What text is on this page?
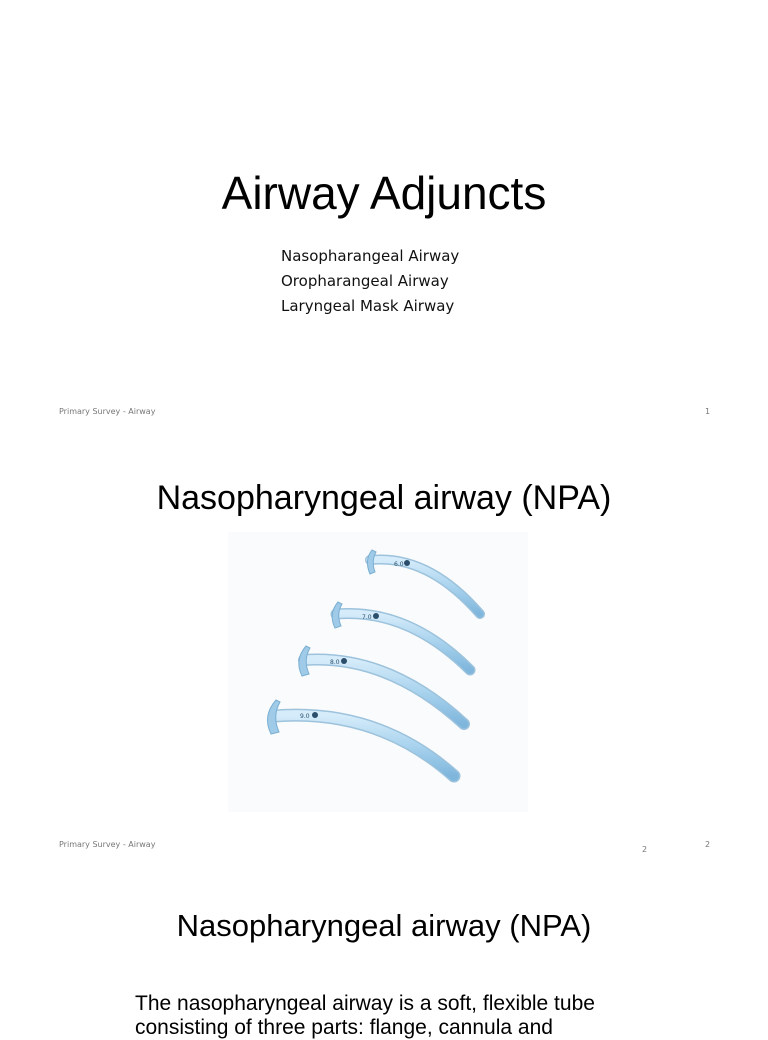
Airway Adjuncts
Nasopharangeal Airway
Oropharangeal Airway
Laryngeal Mask Airway
Primary Survey - Airway	1
Nasopharyngeal airway (NPA)
6.0
7.0
8.0
9.0
Primary Survey - Airway
2
2
Nasopharyngeal airway (NPA)
The nasopharyngeal airway is a soft, flexible tube consisting of three parts: flange, cannula and
